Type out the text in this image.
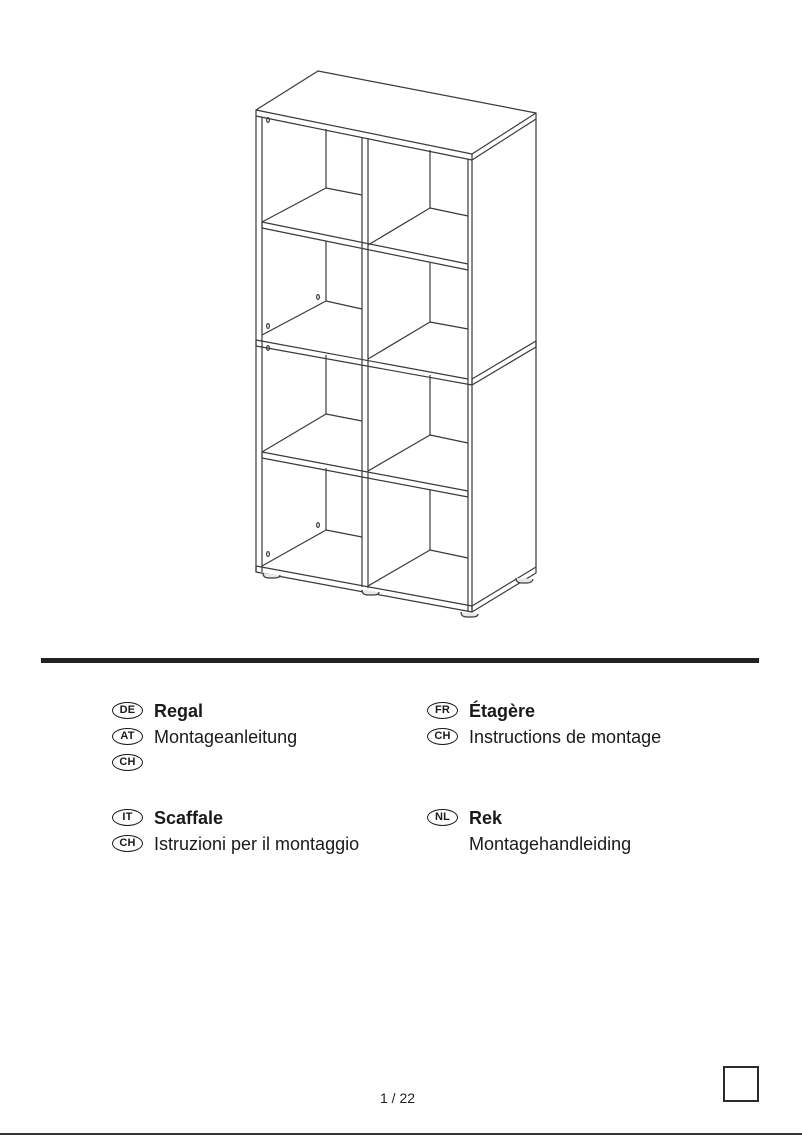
DE	Regal
AT	Montageanleitung
CH
FR	Étagère
CH	Instructions de montage
IT	Scaffale
CH	Istruzioni per il montaggio
NL	Rek
Montagehandleiding
1 / 22
